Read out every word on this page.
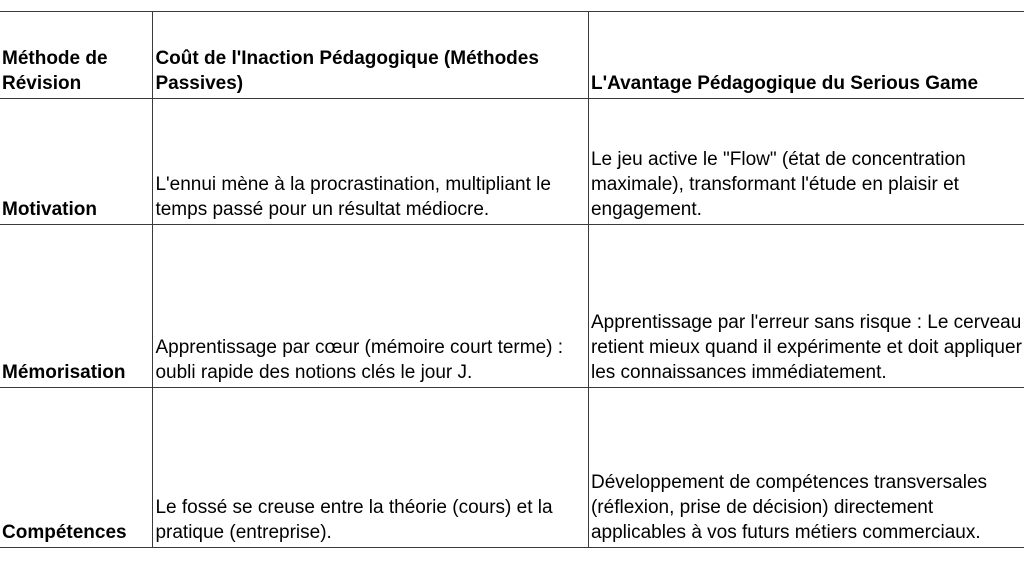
Méthode de Révision	Coût de l'Inaction Pédagogique (Méthodes Passives)	L'Avantage Pédagogique du Serious Game
Motivation	L'ennui mène à la procrastination, multipliant le temps passé pour un résultat médiocre.	Le jeu active le "Flow" (état de concentration maximale), transformant l'étude en plaisir et engagement.
Mémorisation	Apprentissage par cœur (mémoire court terme) : oubli rapide des notions clés le jour J.	Apprentissage par l'erreur sans risque : Le cerveau retient mieux quand il expérimente et doit appliquer les connaissances immédiatement.
Compétences	Le fossé se creuse entre la théorie (cours) et la pratique (entreprise).	Développement de compétences transversales (réflexion, prise de décision) directement applicables à vos futurs métiers commerciaux.
